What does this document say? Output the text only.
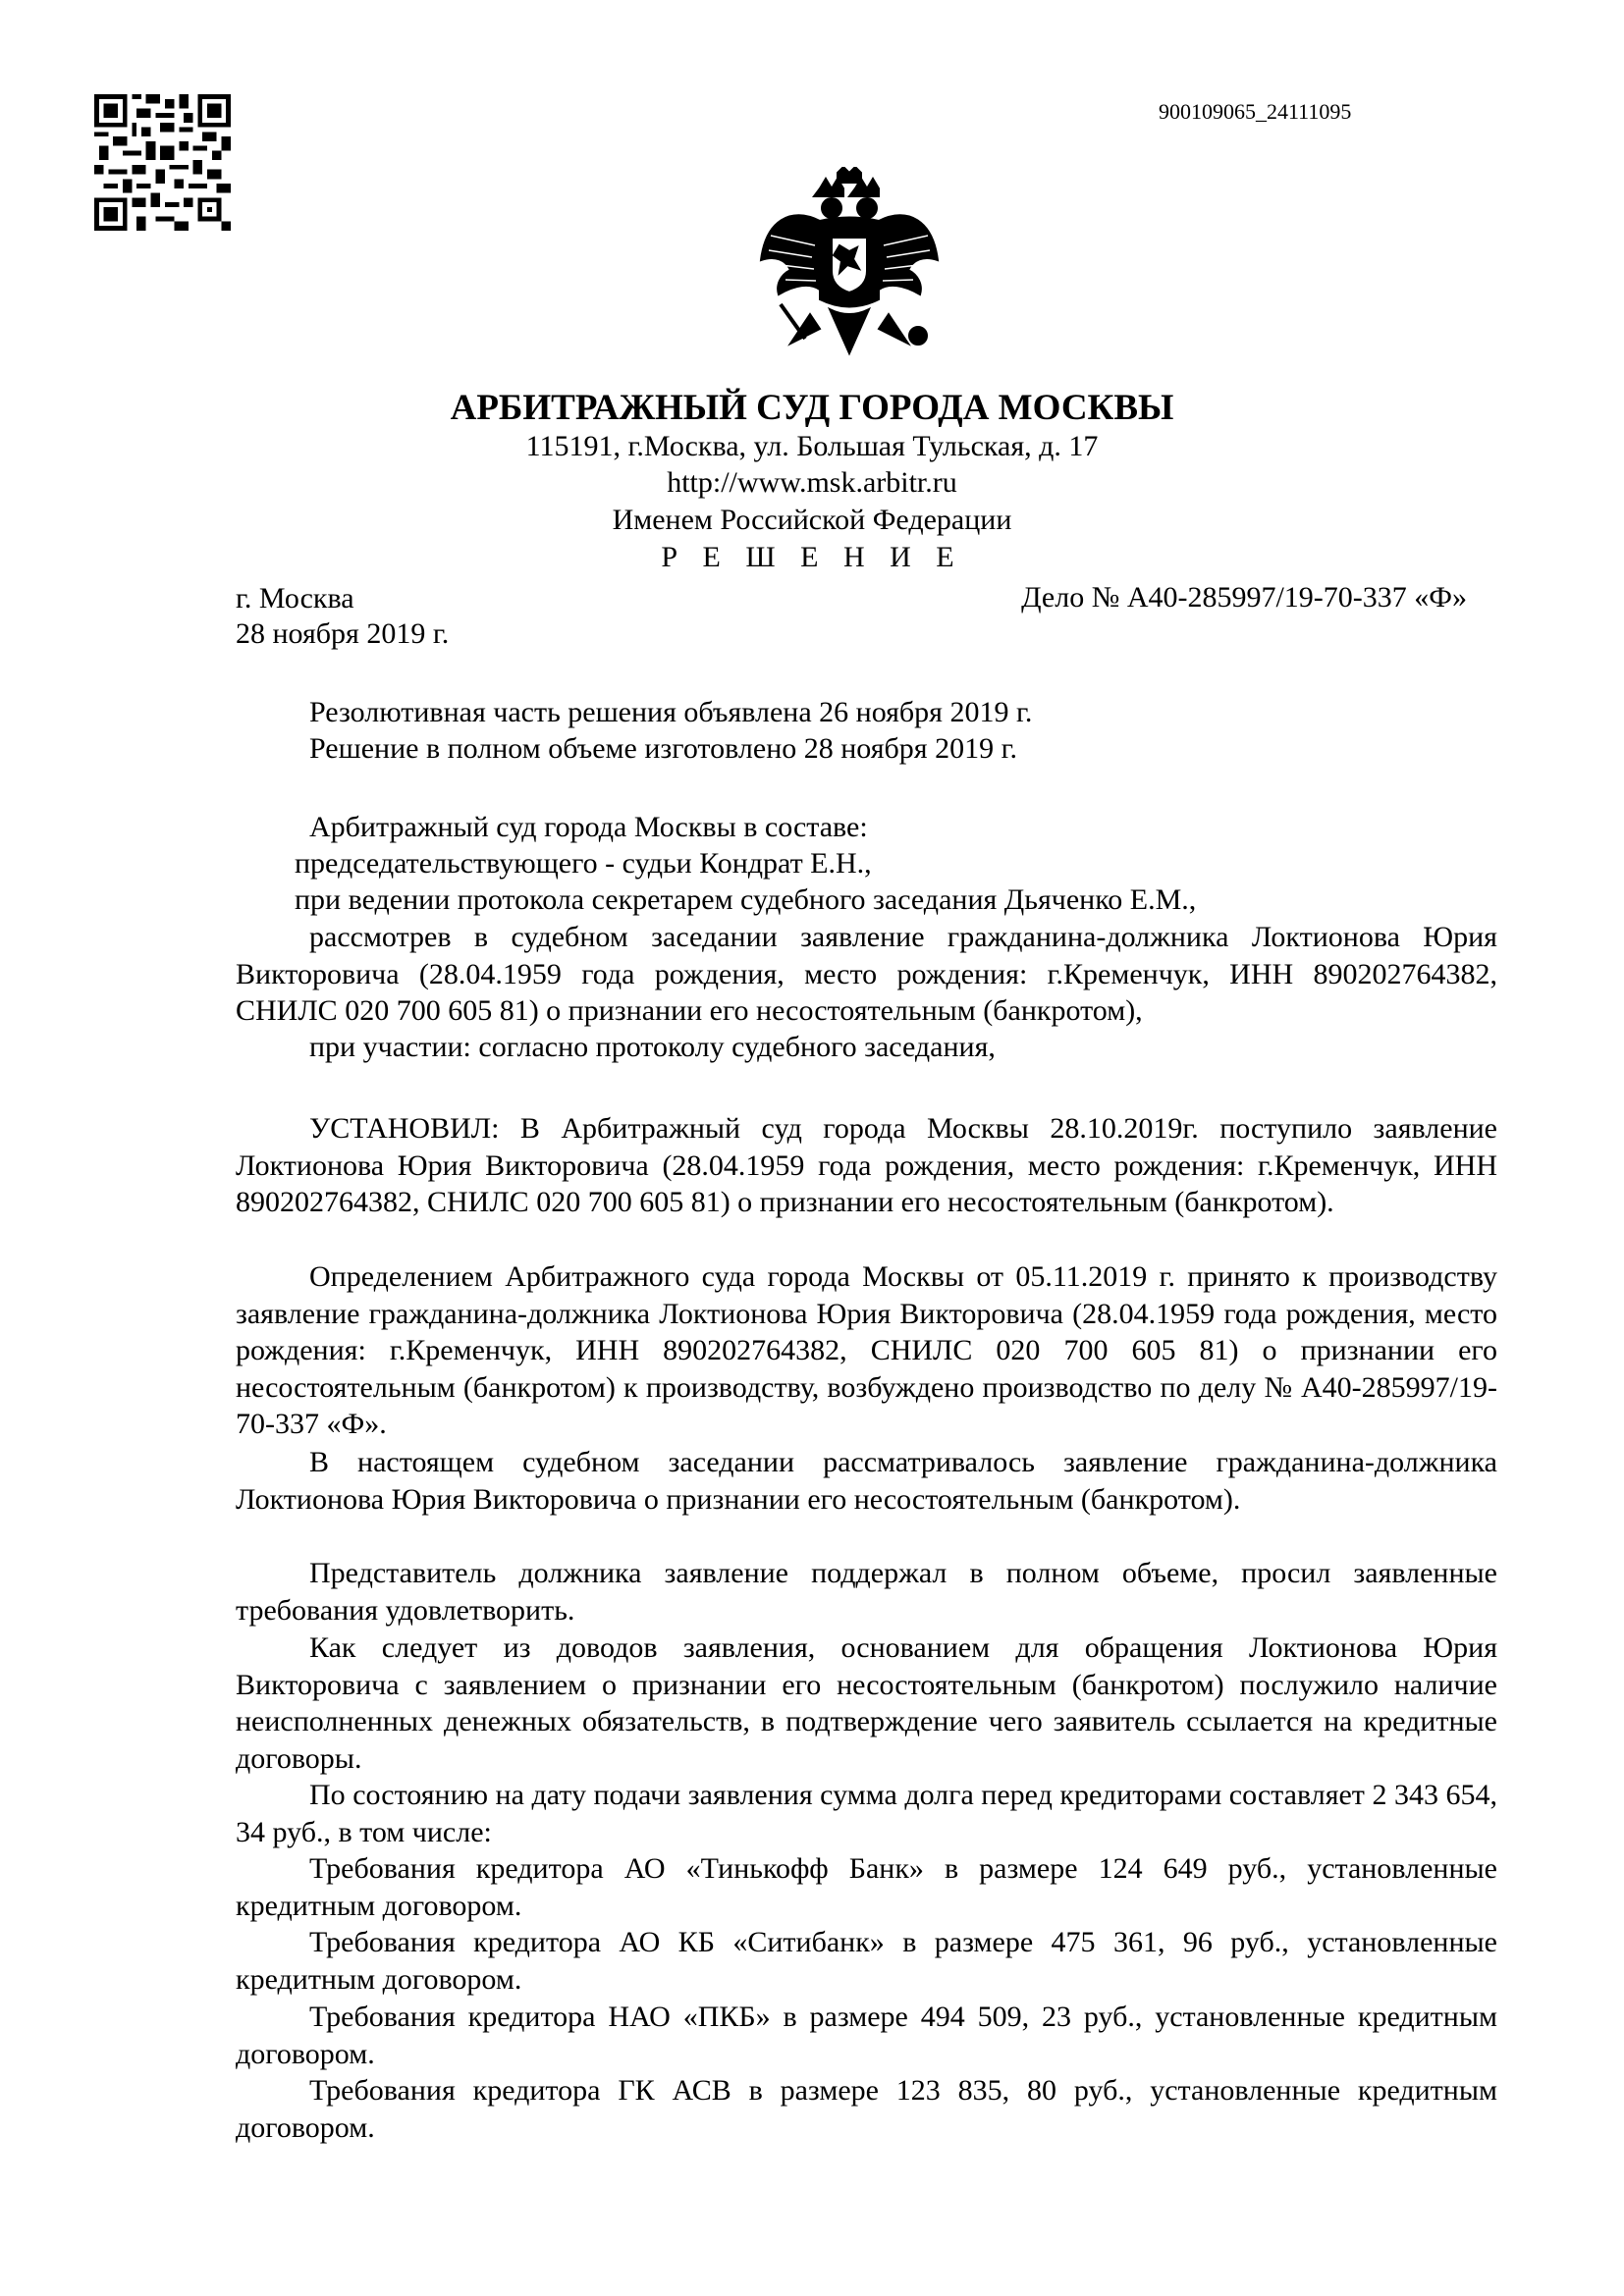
900109065_24111095
АРБИТРАЖНЫЙ СУД ГОРОДА МОСКВЫ
115191, г.Москва, ул. Большая Тульская, д. 17
http://www.msk.arbitr.ru
Именем Российской Федерации
Р Е Ш Е Н И Е
г. Москва	Дело № А40-285997/19-70-337 «Ф»
28 ноября 2019 г.
Резолютивная часть решения объявлена 26 ноября 2019 г.
Решение в полном объеме изготовлено 28 ноября 2019 г.
Арбитражный суд города Москвы в составе:
председательствующего - судьи Кондрат Е.Н.,
при ведении протокола секретарем судебного заседания Дьяченко Е.М.,
рассмотрев в судебном заседании заявление гражданина-должника Локтионова Юрия Викторовича (28.04.1959 года рождения, место рождения: г.Кременчук, ИНН 890202764382, СНИЛС 020 700 605 81) о признании его несостоятельным (банкротом),
при участии: согласно протоколу судебного заседания,
УСТАНОВИЛ: В Арбитражный суд города Москвы 28.10.2019г. поступило заявление Локтионова Юрия Викторовича (28.04.1959 года рождения, место рождения: г.Кременчук, ИНН 890202764382, СНИЛС 020 700 605 81) о признании его несостоятельным (банкротом).
Определением Арбитражного суда города Москвы от 05.11.2019 г. принято к производству заявление гражданина-должника Локтионова Юрия Викторовича (28.04.1959 года рождения, место рождения: г.Кременчук, ИНН 890202764382, СНИЛС 020 700 605 81) о признании его несостоятельным (банкротом) к производству, возбуждено производство по делу № А40-285997/19-70-337 «Ф».
В настоящем судебном заседании рассматривалось заявление гражданина-должника Локтионова Юрия Викторовича о признании его несостоятельным (банкротом).
Представитель должника заявление поддержал в полном объеме, просил заявленные требования удовлетворить.
Как следует из доводов заявления, основанием для обращения Локтионова Юрия Викторовича с заявлением о признании его несостоятельным (банкротом) послужило наличие неисполненных денежных обязательств, в подтверждение чего заявитель ссылается на кредитные договоры.
По состоянию на дату подачи заявления сумма долга перед кредиторами составляет 2 343 654, 34 руб., в том числе:
Требования кредитора АО «Тинькофф Банк» в размере 124 649 руб., установленные кредитным договором.
Требования кредитора АО КБ «Ситибанк» в размере 475 361, 96 руб., установленные кредитным договором.
Требования кредитора НАО «ПКБ» в размере 494 509, 23 руб., установленные кредитным договором.
Требования кредитора ГК АСВ в размере 123 835, 80 руб., установленные кредитным договором.
